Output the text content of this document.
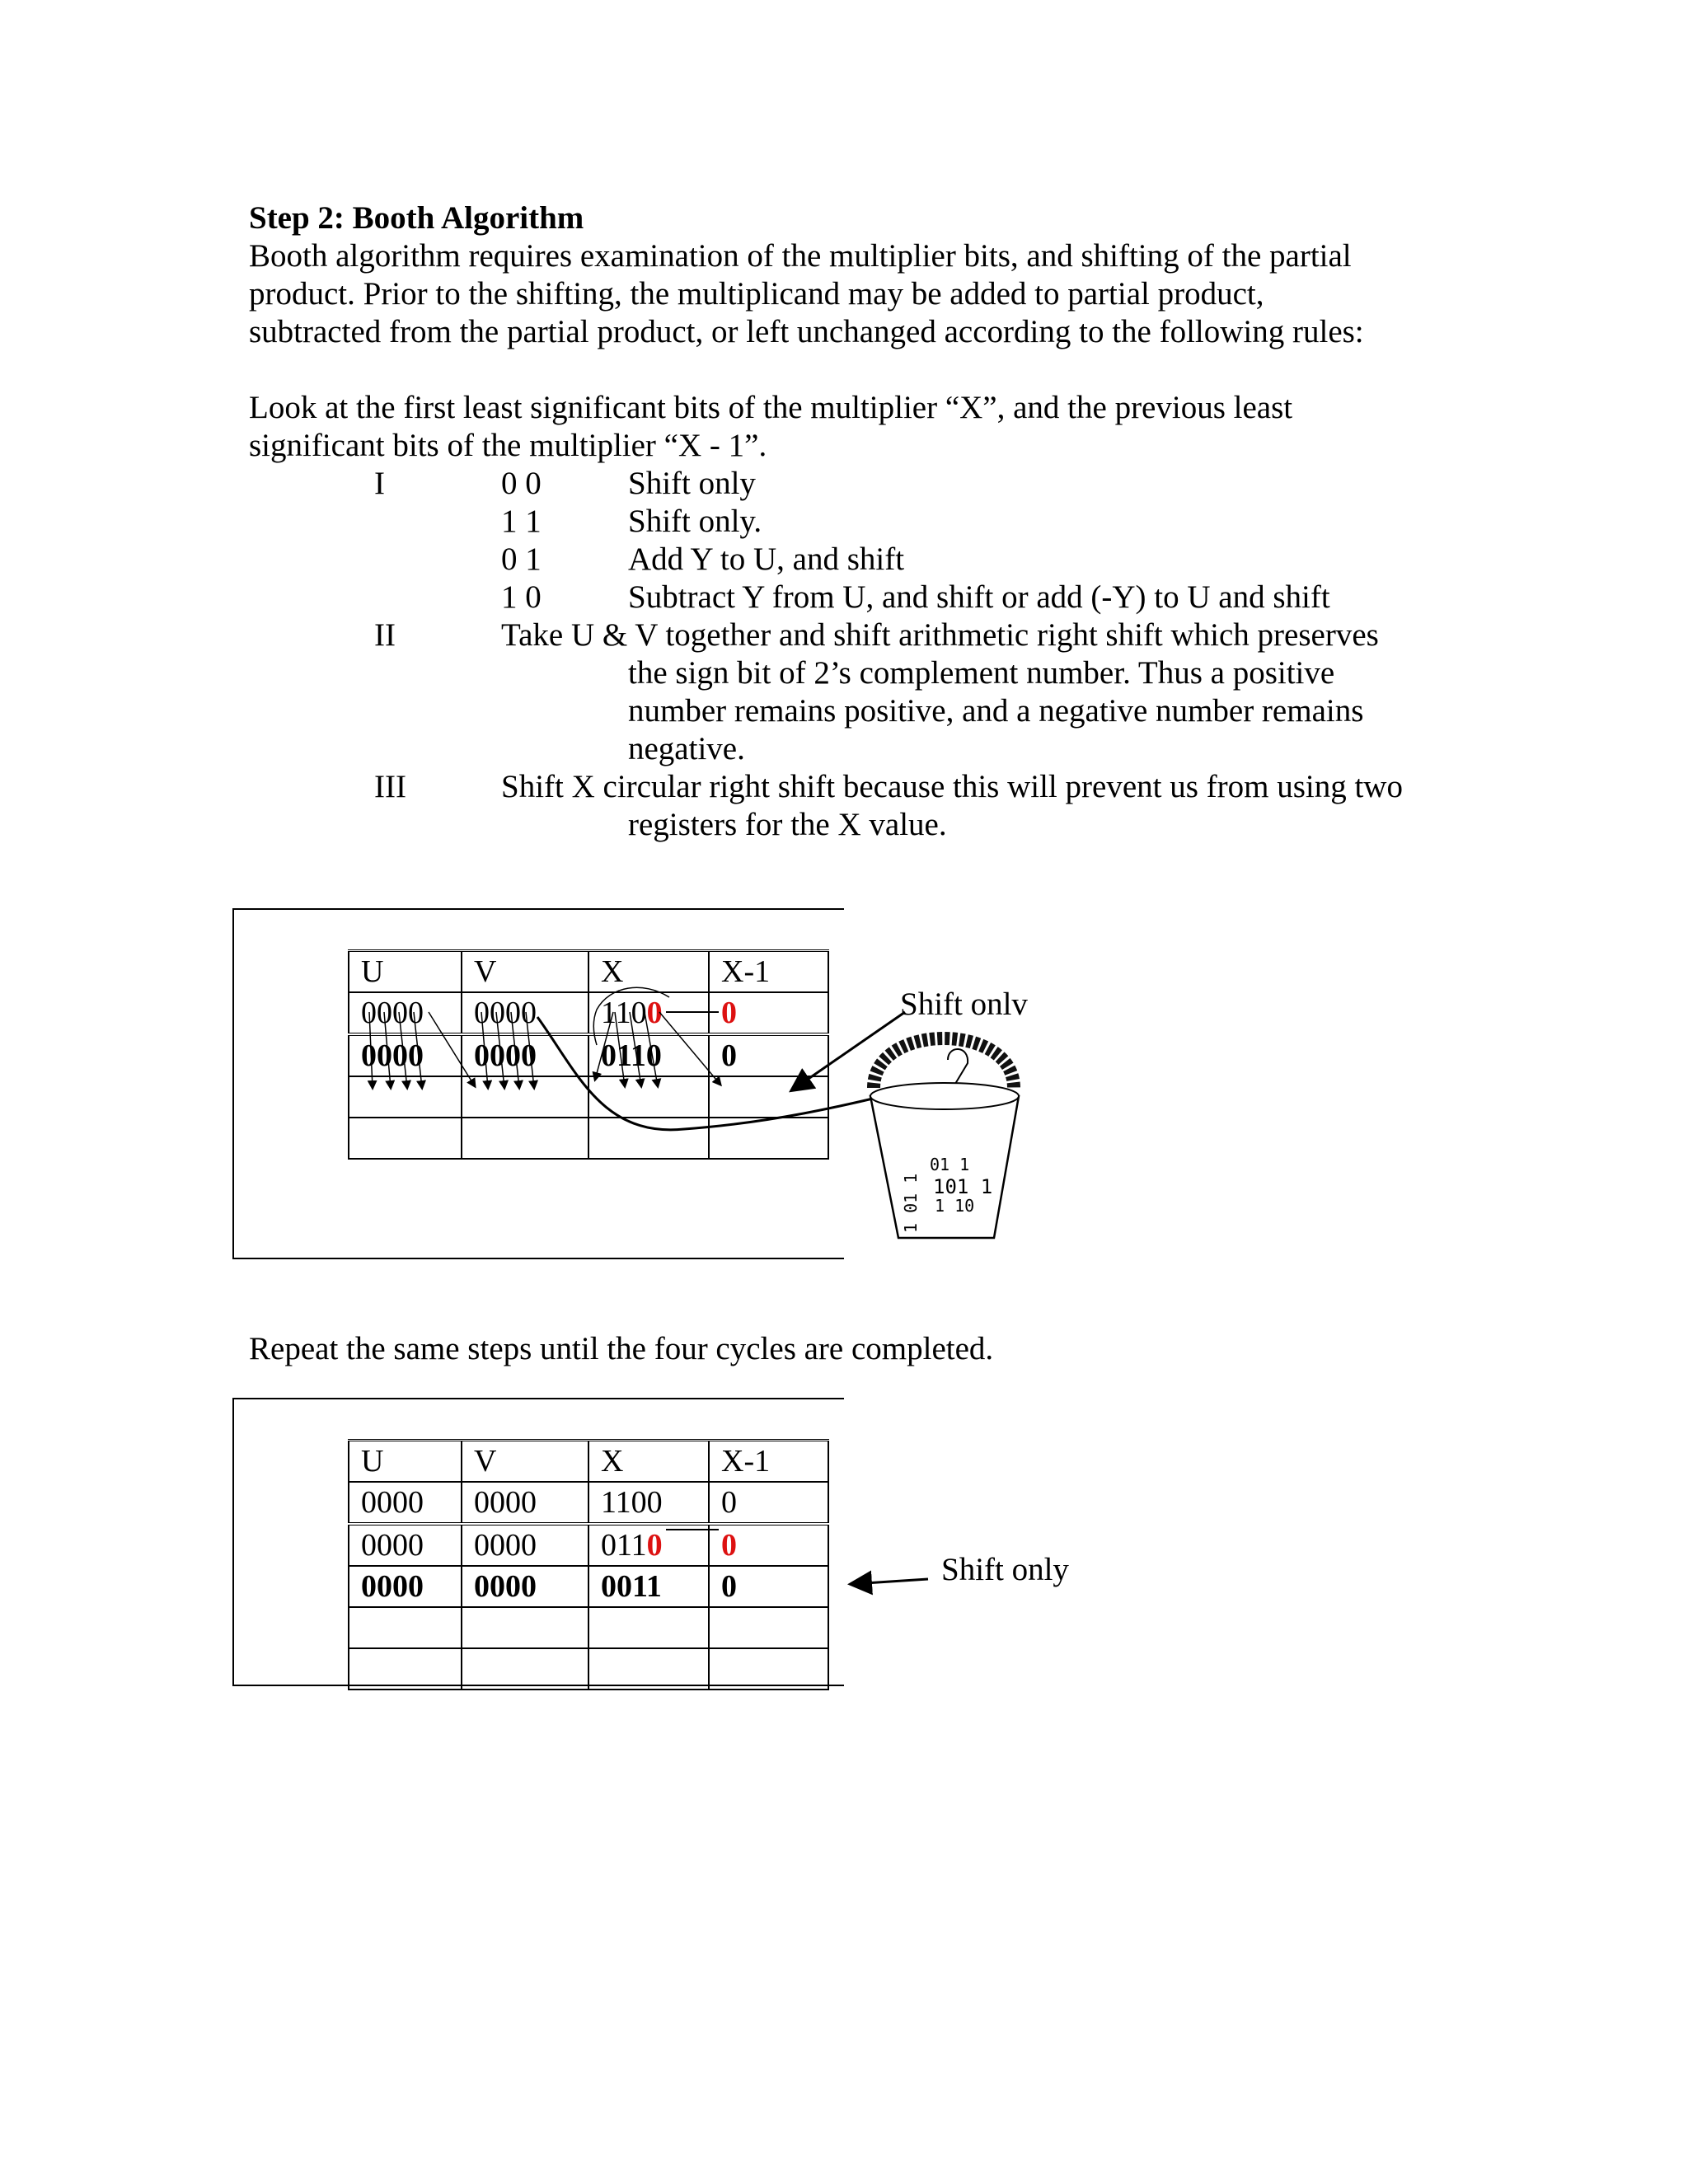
Step 2: Booth Algorithm
Booth algorithm requires examination of the multiplier bits, and shifting of the partial
product. Prior to the shifting, the multiplicand may be added to partial product,
subtracted from the partial product, or left unchanged according to the following rules:
Look at the first least significant bits of the multiplier “X”, and the previous least
significant bits of the multiplier “X - 1”.
I	0 0	Shift only
1 1	Shift only.
0 1	Add Y to U, and shift
1 0	Subtract Y from U, and shift or add (-Y) to U and shift
II	Take U & V together and shift arithmetic right shift which preserves
the sign bit of 2’s complement number. Thus a positive
number remains positive, and a negative number remains
negative.
III	Shift X circular right shift because this will prevent us from using two
registers for the X value.
U	V	X	X-1
0000	0000	1100	0
0000	0000	0110	0

Shift onlv
01 1
101 1
1 10
1 01 1
Repeat the same steps until the four cycles are completed.
U	V	X	X-1
0000	0000	1100	0
0000	0000	0110	0
0000	0000	0011	0

				Shift only
